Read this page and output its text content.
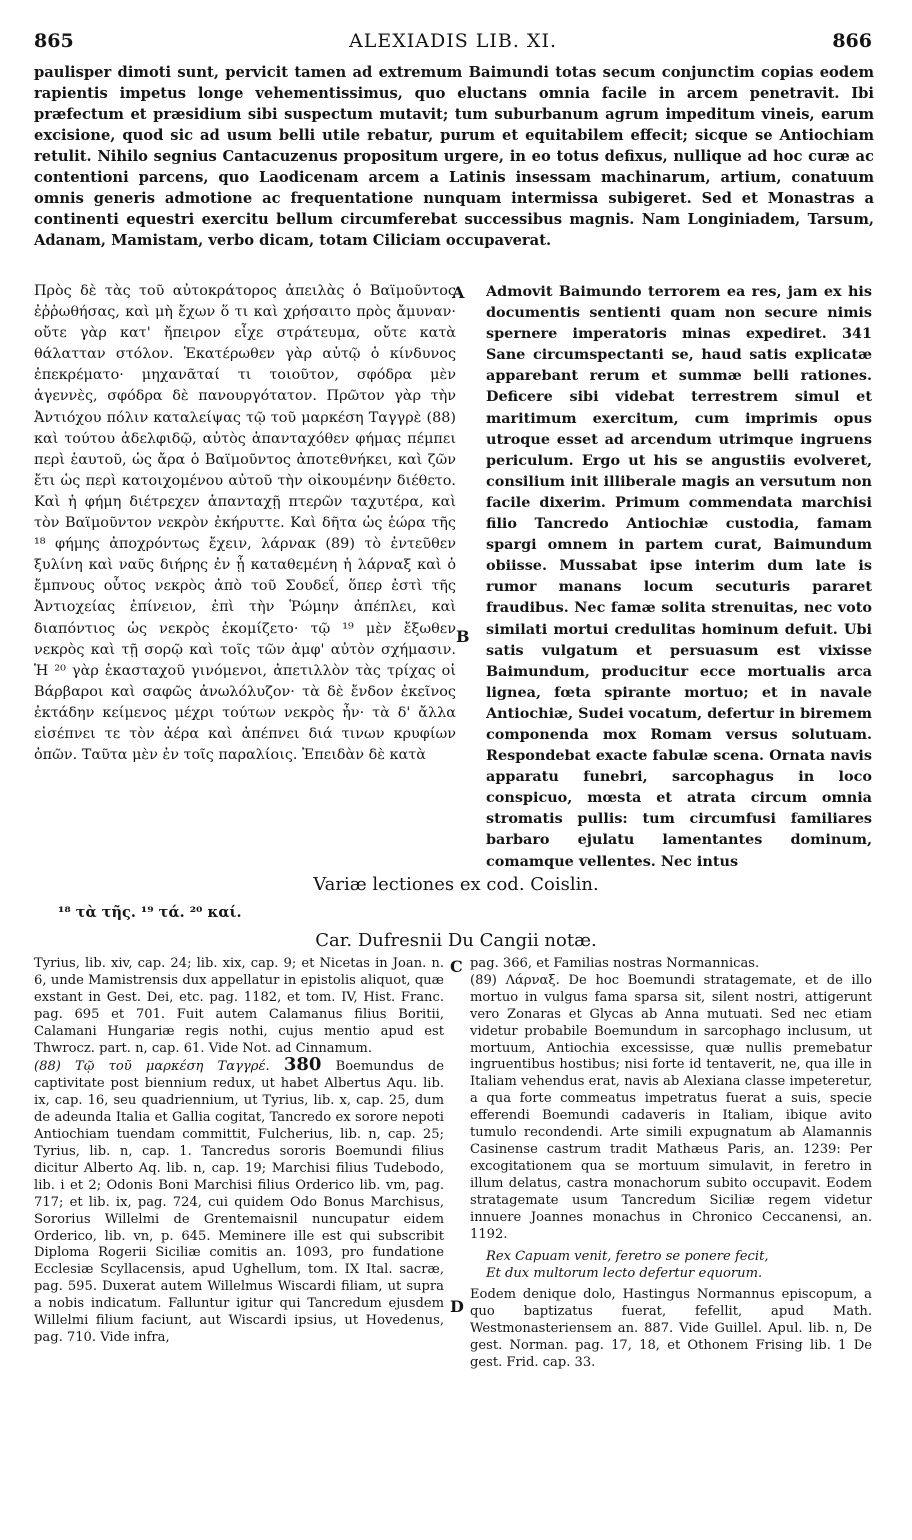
865	ALEXIADIS LIB. XI.	866
paulisper dimoti sunt, pervicit tamen ad extremum Baimundi totas secum conjunctim copias eodem rapientis impetus longe vehementissimus, quo eluctans omnia facile in arcem penetravit. Ibi præfectum et præsidium sibi suspectum mutavit; tum suburbanum agrum impeditum vineis, earum excisione, quod sic ad usum belli utile rebatur, purum et equitabilem effecit; sicque se Antiochiam retulit. Nihilo segnius Cantacuzenus propositum urgere, in eo totus defixus, nullique ad hoc curæ ac contentioni parcens, quo Laodicenam arcem a Latinis insessam machinarum, artium, conatuum omnis generis admotione ac frequentatione nunquam intermissa subigeret. Sed et Monastras a continenti equestri exercitu bellum circumferebat successibus magnis. Nam Longiniadem, Tarsum, Adanam, Mamistam, verbo dicam, totam Ciliciam occupaverat.
Πρὸς δὲ τὰς τοῦ αὐτοκράτορος ἀπειλὰς ὁ Βαϊμοῦντος ἐῤῥωθήσας, καὶ μὴ ἔχων ὅ τι καὶ χρήσαιτο πρὸς ἄμυναν· οὔτε γὰρ κατ' ἤπειρον εἶχε στράτευμα, οὔτε κατὰ θάλατταν στόλον. Ἑκατέρωθεν γὰρ αὐτῷ ὁ κίνδυνος ἐπεκρέματο· μηχανᾶταί τι τοιοῦτον, σφόδρα μὲν ἀγεννὲς, σφόδρα δὲ πανουργότατον. Πρῶτον γὰρ τὴν Ἀντιόχου πόλιν καταλείψας τῷ τοῦ μαρκέση Ταγγρὲ (88) καὶ τούτου ἀδελφιδῷ, αὐτὸς ἁπανταχόθεν φήμας πέμπει περὶ ἑαυτοῦ, ὡς ἄρα ὁ Βαϊμοῦντος ἀποτεθνήκει, καὶ ζῶν ἔτι ὡς περὶ κατοιχομένου αὐτοῦ τὴν οἰκουμένην διέθετο. Καὶ ἡ φήμη διέτρεχεν ἁπανταχῇ πτερῶν ταχυτέρα, καὶ τὸν Βαϊμοῦντον νεκρὸν ἐκήρυττε. Καὶ δῆτα ὡς ἑώρα τῆς ¹⁸ φήμης ἀποχρόντως ἔχειν, λάρνακ (89) τὸ ἐντεῦθεν ξυλίνη καὶ ναῦς διήρης ἐν ᾗ καταθεμένη ἡ λάρναξ καὶ ὁ ἔμπνους οὗτος νεκρὸς ἀπὸ τοῦ Σουδεΐ, ὅπερ ἐστὶ τῆς Ἀντιοχείας ἐπίνειον, ἐπὶ τὴν Ῥώμην ἀπέπλει, καὶ διαπόντιος ὡς νεκρὸς ἐκομίζετο· τῷ ¹⁹ μὲν ἔξωθεν νεκρὸς καὶ τῇ σορῷ καὶ τοῖς τῶν ἀμφ' αὐτὸν σχήμασιν. Ἡ ²⁰ γὰρ ἑκασταχοῦ γινόμενοι, ἀπετιλλὸν τὰς τρίχας οἱ Βάρβαροι καὶ σαφῶς ἀνωλόλυζον· τὰ δὲ ἔνδον ἐκεῖνος ἐκτάδην κείμενος μέχρι τούτων νεκρὸς ἦν· τὰ δ' ἄλλα εἰσέπνει τε τὸν ἀέρα καὶ ἀπέπνει διά τινων κρυφίων ὀπῶν. Ταῦτα μὲν ἐν τοῖς παραλίοις. Ἐπειδὰν δὲ κατὰ
Admovit Baimundo terrorem ea res, jam ex his documentis sentienti quam non secure nimis spernere imperatoris minas expediret. 341 Sane circumspectanti se, haud satis explicatæ apparebant rerum et summæ belli rationes. Deficere sibi videbat terrestrem simul et maritimum exercitum, cum imprimis opus utroque esset ad arcendum utrimque ingruens periculum. Ergo ut his se angustiis evolveret, consilium init illiberale magis an versutum non facile dixerim. Primum commendata marchisi filio Tancredo Antiochiæ custodia, famam spargi omnem in partem curat, Baimundum obiisse. Mussabat ipse interim dum late is rumor manans locum secuturis pararet fraudibus. Nec famæ solita strenuitas, nec voto similati mortui credulitas hominum defuit. Ubi satis vulgatum et persuasum est vixisse Baimundum, producitur ecce mortualis arca lignea, fœta spirante mortuo; et in navale Antiochiæ, Sudei vocatum, defertur in biremem componenda mox Romam versus solutuam. Respondebat exacte fabulæ scena. Ornata navis apparatu funebri, sarcophagus in loco conspicuo, mœsta et atrata circum omnia stromatis pullis: tum circumfusi familiares barbaro ejulatu lamentantes dominum, comamque vellentes. Nec intus
A
B
C
D
Variæ lectiones ex cod. Coislin.
¹⁸ τὰ τῆς. ¹⁹ τά. ²⁰ καί.
Car. Dufresnii Du Cangii notæ.

Tyrius, lib. xiv, cap. 24; lib. xix, cap. 9; et Nicetas in Joan. n. 6, unde Mamistrensis dux appellatur in epistolis aliquot, quæ exstant in Gest. Dei, etc. pag. 1182, et tom. IV, Hist. Franc. pag. 695 et 701. Fuit autem Calamanus filius Boritii, Calamani Hungariæ regis nothi, cujus mentio apud est Thwrocz. part. n, cap. 61. Vide Not. ad Cinnamum.

(88) Τῷ τοῦ μαρκέση Ταγγρέ. 380 Boemundus de captivitate post biennium redux, ut habet Albertus Aqu. lib. ix, cap. 16, seu quadriennium, ut Tyrius, lib. x, cap. 25, dum de adeunda Italia et Gallia cogitat, Tancredo ex sorore nepoti Antiochiam tuendam committit, Fulcherius, lib. n, cap. 25; Tyrius, lib. n, cap. 1. Tancredus sororis Boemundi filius dicitur Alberto Aq. lib. n, cap. 19; Marchisi filius Tudebodo, lib. i et 2; Odonis Boni Marchisi filius Orderico lib. vm, pag. 717; et lib. ix, pag. 724, cui quidem Odo Bonus Marchisus, Sororius Willelmi de Grentemaisnil nuncupatur eidem Orderico, lib. vn, p. 645. Meminere ille est qui subscribit Diploma Rogerii Siciliæ comitis an. 1093, pro fundatione Ecclesiæ Scyllacensis, apud Ughellum, tom. IX Ital. sacræ, pag. 595. Duxerat autem Willelmus Wiscardi filiam, ut supra a nobis indicatum. Falluntur igitur qui Tancredum ejusdem Willelmi filium faciunt, aut Wiscardi ipsius, ut Hovedenus, pag. 710. Vide infra,

pag. 366, et Familias nostras Normannicas.

(89) Λάρναξ. De hoc Boemundi stratagemate, et de illo mortuo in vulgus fama sparsa sit, silent nostri, attigerunt vero Zonaras et Glycas ab Anna mutuati. Sed nec etiam videtur probabile Boemundum in sarcophago inclusum, ut mortuum, Antiochia excessisse, quæ nullis premebatur ingruentibus hostibus; nisi forte id tentaverit, ne, qua ille in Italiam vehendus erat, navis ab Alexiana classe impeteretur, a qua forte commeatus impetratus fuerat a suis, specie efferendi Boemundi cadaveris in Italiam, ibique avito tumulo recondendi. Arte simili expugnatum ab Alamannis Casinense castrum tradit Mathæus Paris, an. 1239: Per excogitationem qua se mortuum simulavit, in feretro in illum delatus, castra monachorum subito occupavit. Eodem stratagemate usum Tancredum Siciliæ regem videtur innuere Joannes monachus in Chronico Ceccanensi, an. 1192.

Rex Capuam venit, feretro se ponere fecit,
Et dux multorum lecto defertur equorum.

Eodem denique dolo, Hastingus Normannus episcopum, a quo baptizatus fuerat, fefellit, apud Math. Westmonasteriensem an. 887. Vide Guillel. Apul. lib. n, De gest. Norman. pag. 17, 18, et Othonem Frising lib. 1 De gest. Frid. cap. 33.
